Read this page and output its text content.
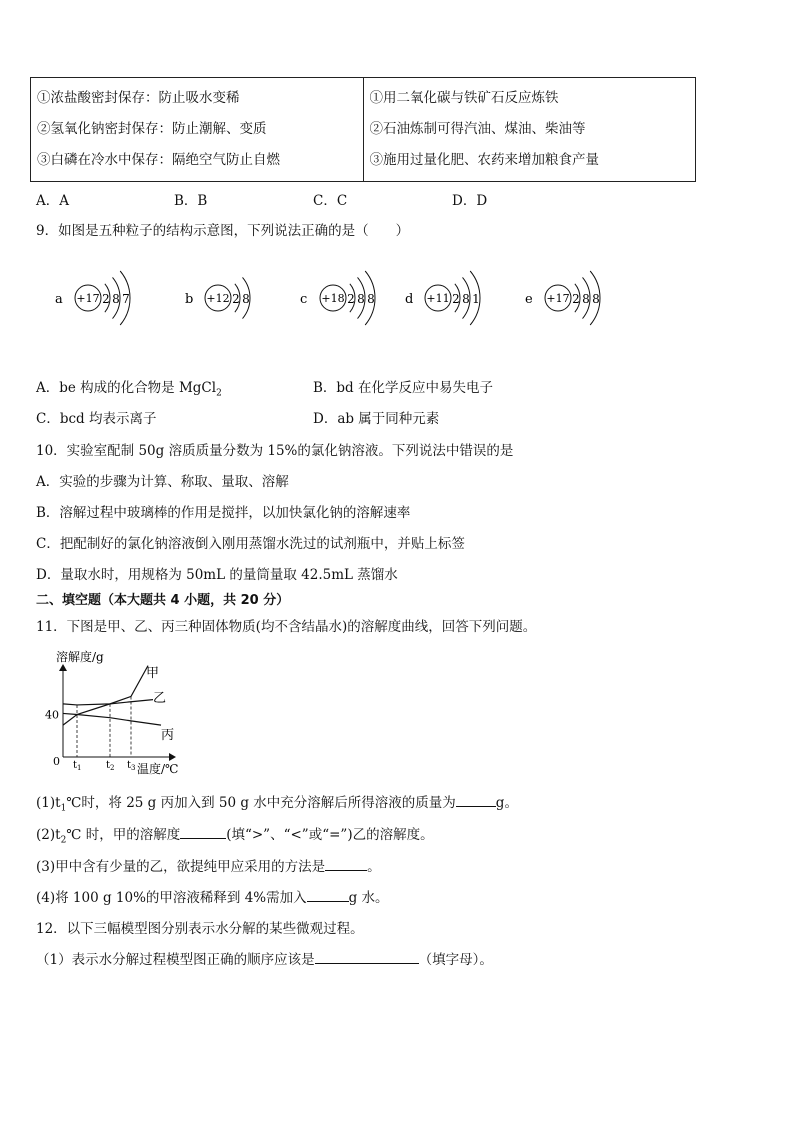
①浓盐酸密封保存：防止吸水变稀
②氢氧化钠密封保存：防止潮解、变质
③白磷在冷水中保存：隔绝空气防止自燃

①用二氧化碳与铁矿石反应炼铁
②石油炼制可得汽油、煤油、柴油等
③施用过量化肥、农药来增加粮食产量
A．A	B．B	C．C	D．D
9．如图是五种粒子的结构示意图，下列说法正确的是（　　）
a +17 2 8 7	b +12 2 8	c +18 2 8 8 d +11 2 8 1	e +17 2 8 8
A．be 构成的化合物是 MgCl$_2$	B．bd 在化学反应中易失电子
C．bcd 均表示离子	D．ab 属于同种元素
10．实验室配制 50g 溶质质量分数为 15%的氯化钠溶液。下列说法中错误的是
A．实验的步骤为计算、称取、量取、溶解
B．溶解过程中玻璃棒的作用是搅拌，以加快氯化钠的溶解速率
C．把配制好的氯化钠溶液倒入刚用蒸馏水洗过的试剂瓶中，并贴上标签
D．量取水时，用规格为 50mL 的量筒量取 42.5mL 蒸馏水
二、填空题（本大题共 4 小题，共 20 分）
11．下图是甲、乙、丙三种固体物质(均不含结晶水)的溶解度曲线，回答下列问题。
溶解度/g
温度/℃
0
40
$t_1$ $t_2$ $t_3$
甲
乙
丙
$(1)t_1℃$时，将 25 g 丙加入到 50 g 水中充分溶解后所得溶液的质量为	g。
$(2)t_2℃$ 时，甲的溶解度	(填“>”、“<”或“=”)乙的溶解度。
(3)甲中含有少量的乙，欲提纯甲应采用的方法是	。
(4)将 100 g 10%的甲溶液稀释到 4%需加入	g 水。
12．以下三幅模型图分别表示水分解的某些微观过程。
（1）表示水分解过程模型图正确的顺序应该是	（填字母）。
